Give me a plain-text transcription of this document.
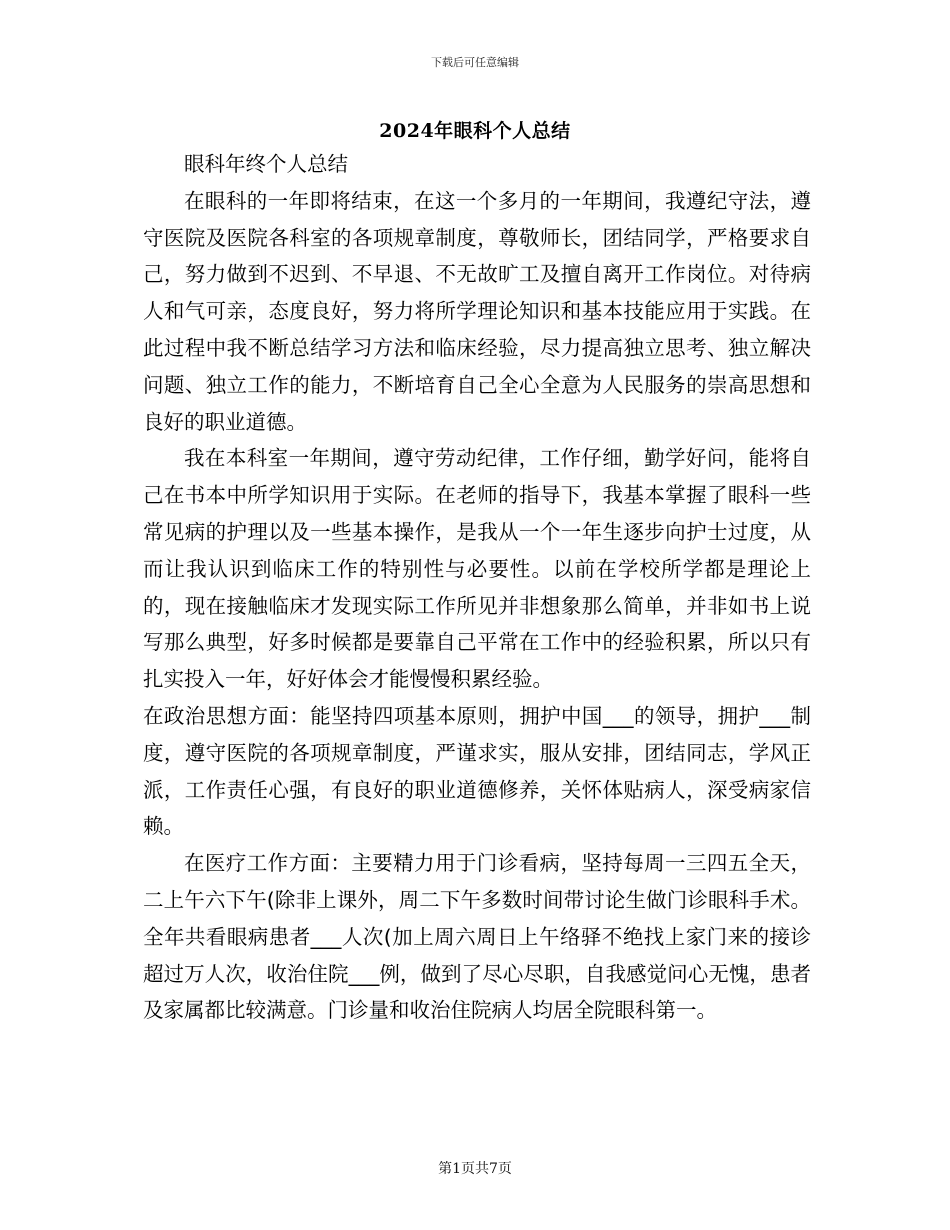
下载后可任意编辑
2024年眼科个人总结

眼科年终个人总结

在眼科的一年即将结束，在这一个多月的一年期间，我遵纪守法，遵守医院及医院各科室的各项规章制度，尊敬师长，团结同学，严格要求自己，努力做到不迟到、不早退、不无故旷工及擅自离开工作岗位。对待病人和气可亲，态度良好，努力将所学理论知识和基本技能应用于实践。在此过程中我不断总结学习方法和临床经验，尽力提高独立思考、独立解决问题、独立工作的能力，不断培育自己全心全意为人民服务的崇高思想和良好的职业道德。

我在本科室一年期间，遵守劳动纪律，工作仔细，勤学好问，能将自己在书本中所学知识用于实际。在老师的指导下，我基本掌握了眼科一些常见病的护理以及一些基本操作，是我从一个一年生逐步向护士过度，从而让我认识到临床工作的特别性与必要性。以前在学校所学都是理论上的，现在接触临床才发现实际工作所见并非想象那么简单，并非如书上说写那么典型，好多时候都是要靠自己平常在工作中的经验积累，所以只有扎实投入一年，好好体会才能慢慢积累经验。

在政治思想方面：能坚持四项基本原则，拥护中国___的领导，拥护___制度，遵守医院的各项规章制度，严谨求实，服从安排，团结同志，学风正派，工作责任心强，有良好的职业道德修养，关怀体贴病人，深受病家信赖。

在医疗工作方面：主要精力用于门诊看病，坚持每周一三四五全天，二上午六下午(除非上课外，周二下午多数时间带讨论生做门诊眼科手术。全年共看眼病患者___人次(加上周六周日上午络驿不绝找上家门来的接诊超过万人次，收治住院___例，做到了尽心尽职，自我感觉问心无愧，患者及家属都比较满意。门诊量和收治住院病人均居全院眼科第一。

第1页共7页
